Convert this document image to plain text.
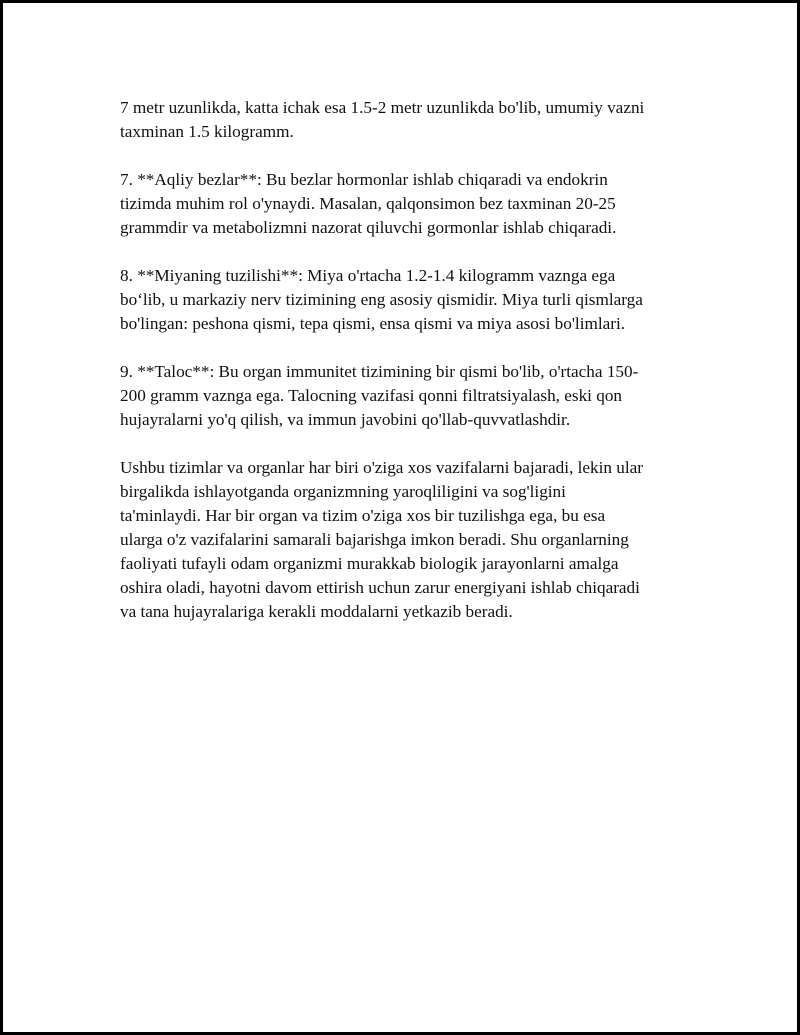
7 metr uzunlikda, katta ichak esa 1.5-2 metr uzunlikda bo'lib, umumiy vazni
taxminan 1.5 kilogramm.

7. **Aqliy bezlar**: Bu bezlar hormonlar ishlab chiqaradi va endokrin
tizimda muhim rol o'ynaydi. Masalan, qalqonsimon bez taxminan 20-25
grammdir va metabolizmni nazorat qiluvchi gormonlar ishlab chiqaradi.

8. **Miyaning tuzilishi**: Miya o'rtacha 1.2-1.4 kilogramm vaznga ega
bo‘lib, u markaziy nerv tizimining eng asosiy qismidir. Miya turli qismlarga
bo'lingan: peshona qismi, tepa qismi, ensa qismi va miya asosi bo'limlari.

9. **Taloc**: Bu organ immunitet tizimining bir qismi bo'lib, o'rtacha 150-
200 gramm vaznga ega. Talocning vazifasi qonni filtratsiyalash, eski qon
hujayralarni yo'q qilish, va immun javobini qo'llab-quvvatlashdir.

Ushbu tizimlar va organlar har biri o'ziga xos vazifalarni bajaradi, lekin ular
birgalikda ishlayotganda organizmning yaroqliligini va sog'ligini
ta'minlaydi. Har bir organ va tizim o'ziga xos bir tuzilishga ega, bu esa
ularga o'z vazifalarini samarali bajarishga imkon beradi. Shu organlarning
faoliyati tufayli odam organizmi murakkab biologik jarayonlarni amalga
oshira oladi, hayotni davom ettirish uchun zarur energiyani ishlab chiqaradi
va tana hujayralariga kerakli moddalarni yetkazib beradi.
